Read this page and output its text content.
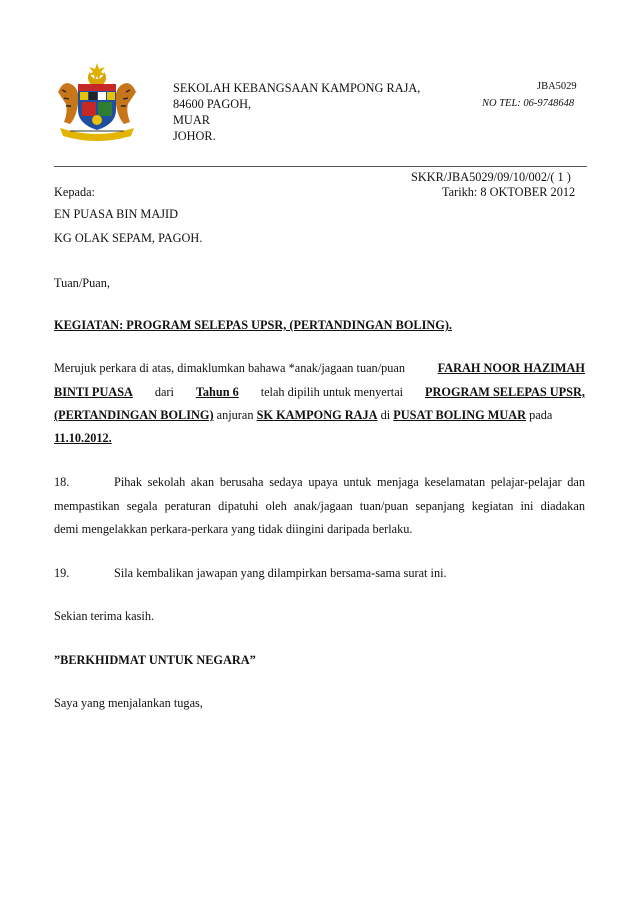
SEKOLAH KEBANGSAAN KAMPONG RAJA,
84600 PAGOH,
MUAR
JOHOR.
JBA5029
NO TEL: 06-9748648
SKKR/JBA5029/09/10/002/( 1 )
Kepada:	Tarikh: 8 OKTOBER 2012
EN PUASA BIN MAJID
KG OLAK SEPAM, PAGOH.
Tuan/Puan,
KEGIATAN: PROGRAM SELEPAS UPSR, (PERTANDINGAN BOLING).
Merujuk perkara di atas, dimaklumkan bahawa *anak/jagaan tuan/puan	FARAH NOOR HAZIMAH
BINTI PUASA dari Tahun 6 telah dipilih untuk menyertai PROGRAM SELEPAS UPSR,
(PERTANDINGAN BOLING) anjuran SK KAMPONG RAJA di PUSAT BOLING MUAR pada
11.10.2012.
18.	Pihak sekolah akan berusaha sedaya upaya untuk menjaga keselamatan pelajar-pelajar dan
mempastikan segala peraturan dipatuhi oleh anak/jagaan tuan/puan sepanjang kegiatan ini diadakan
demi mengelakkan perkara-perkara yang tidak diingini daripada berlaku.
19.	Sila kembalikan jawapan yang dilampirkan bersama-sama surat ini.
Sekian terima kasih.
”BERKHIDMAT UNTUK NEGARA”
Saya yang menjalankan tugas,
